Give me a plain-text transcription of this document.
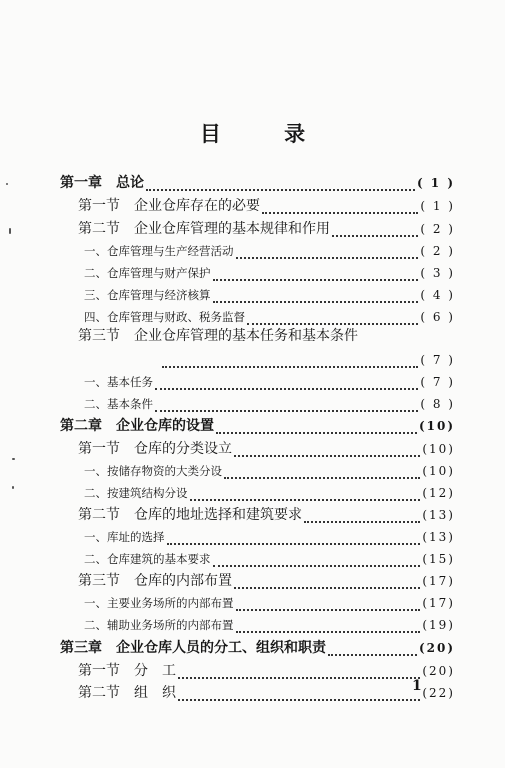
目 录
第一章　总论	( 1 )
第一节　企业仓库存在的必要	( 1 )
第二节　企业仓库管理的基本规律和作用	( 2 )
一、仓库管理与生产经营活动	( 2 )
二、仓库管理与财产保护	( 3 )
三、仓库管理与经济核算	( 4 )
四、仓库管理与财政、税务监督	( 6 )
第三节　企业仓库管理的基本任务和基本条件
( 7 )
一、基本任务	( 7 )
二、基本条件	( 8 )
第二章　企业仓库的设置	(10)
第一节　仓库的分类设立	(10)
一、按储存物资的大类分设	(10)
二、按建筑结构分设	(12)
第二节　仓库的地址选择和建筑要求	(13)
一、库址的选择	(13)
二、仓库建筑的基本要求	(15)
第三节　仓库的内部布置	(17)
一、主要业务场所的内部布置	(17)
二、辅助业务场所的内部布置	(19)
第三章　企业仓库人员的分工、组织和职责	(20)
第一节　分　工	(20)
第二节　组　织	(22)
1
